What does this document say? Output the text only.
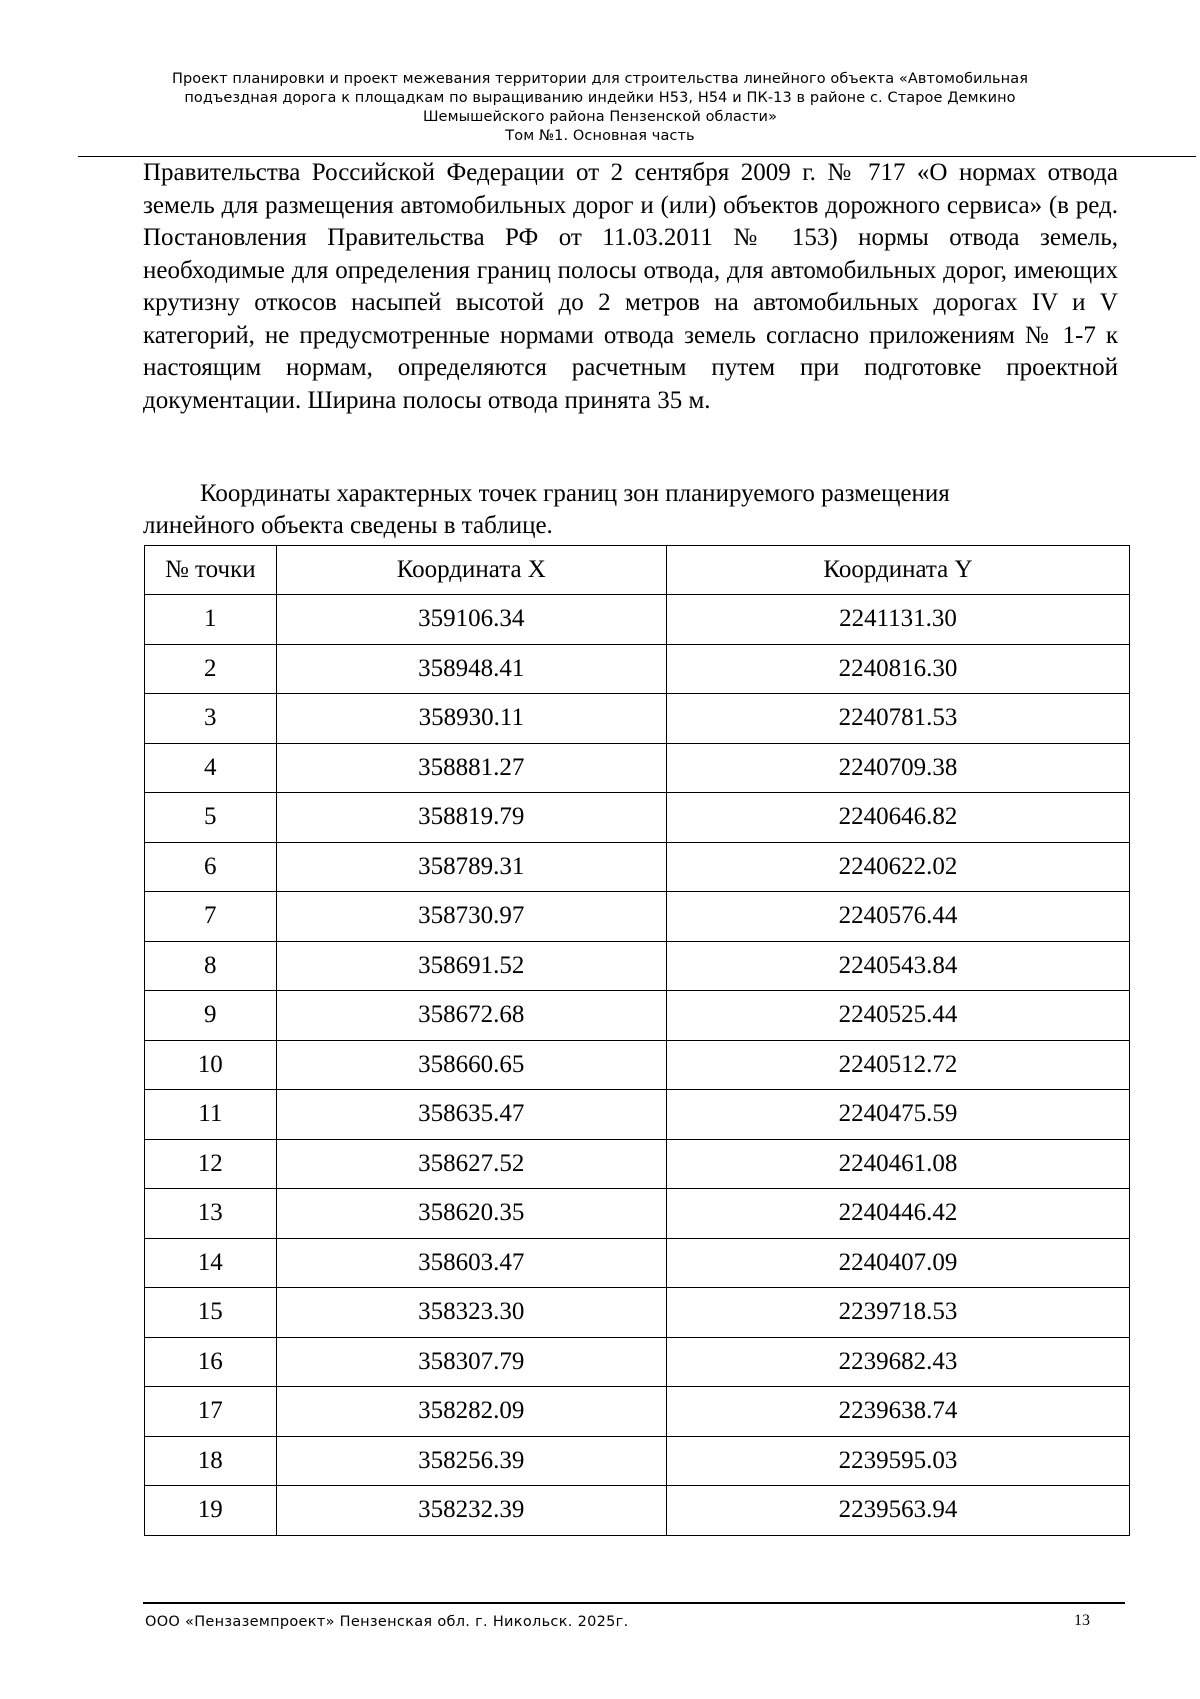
Проект планировки и проект межевания территории для строительства линейного объекта «Автомобильная
подъездная дорога к площадкам по выращиванию индейки Н53, Н54 и ПК-13 в районе с. Старое Демкино
Шемышейского района Пензенской области»
Том №1. Основная часть
Правительства Российской Федерации от 2 сентября 2009 г. № 717 «О нормах отвода земель для размещения автомобильных дорог и (или) объектов дорожного сервиса» (в ред. Постановления Правительства РФ от 11.03.2011 № 153) нормы отвода земель, необходимые для определения границ полосы отвода, для автомобильных дорог, имеющих крутизну откосов насыпей высотой до 2 метров на автомобильных дорогах IV и V категорий, не предусмотренные нормами отвода земель согласно приложениям № 1-7 к настоящим нормам, определяются расчетным путем при подготовке проектной документации. Ширина полосы отвода принята 35 м.
Координаты характерных точек границ зон планируемого размещения
линейного объекта сведены в таблице.
№ точки	Координата X	Координата Y
1	359106.34	2241131.30
2	358948.41	2240816.30
3	358930.11	2240781.53
4	358881.27	2240709.38
5	358819.79	2240646.82
6	358789.31	2240622.02
7	358730.97	2240576.44
8	358691.52	2240543.84
9	358672.68	2240525.44
10	358660.65	2240512.72
11	358635.47	2240475.59
12	358627.52	2240461.08
13	358620.35	2240446.42
14	358603.47	2240407.09
15	358323.30	2239718.53
16	358307.79	2239682.43
17	358282.09	2239638.74
18	358256.39	2239595.03
19	358232.39	2239563.94
ООО «Пензаземпроект» Пензенская обл. г. Никольск. 2025г.	13
